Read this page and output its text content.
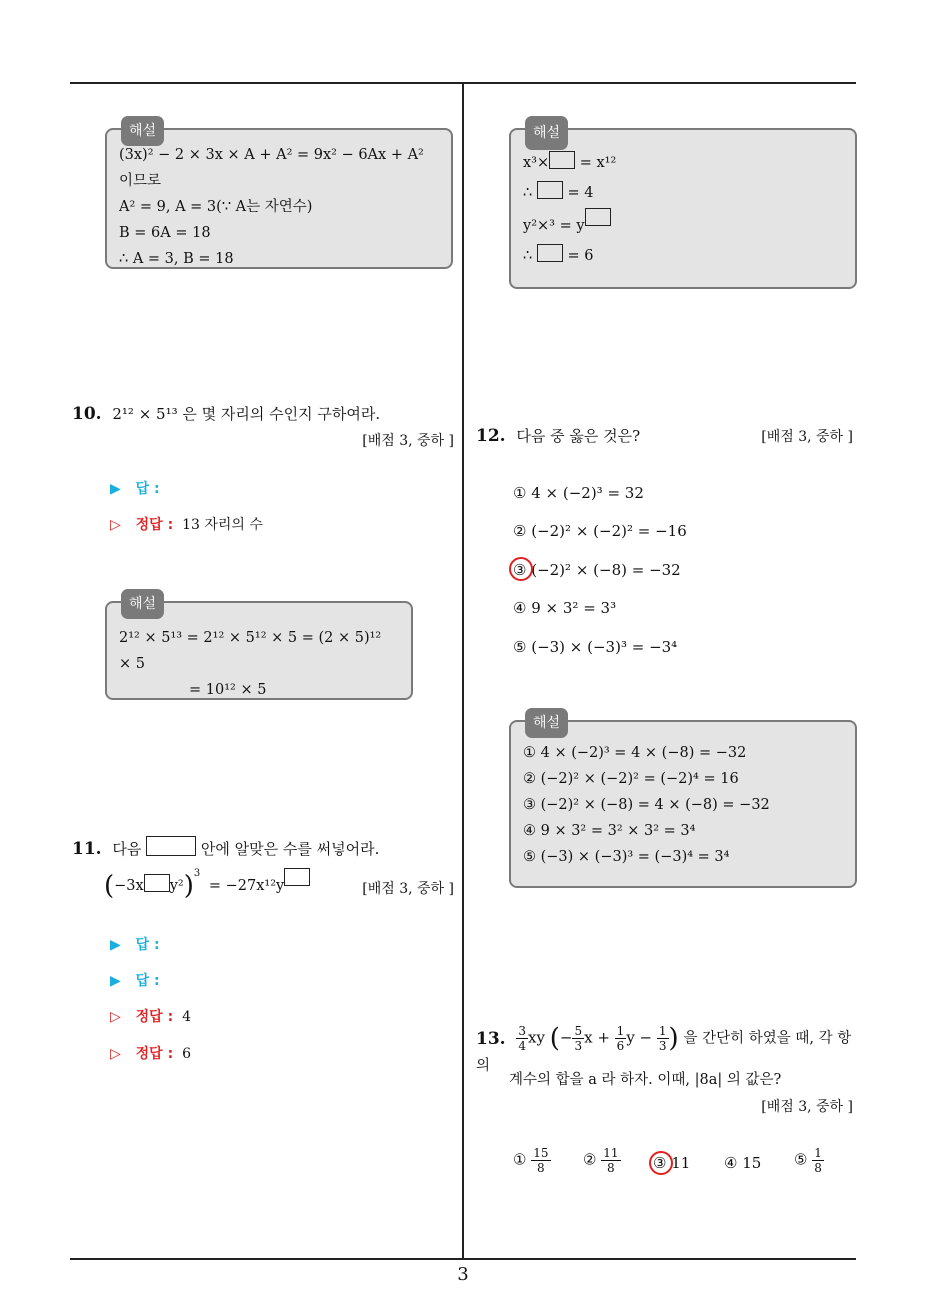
해설
(3x)² − 2 × 3x × A + A² = 9x² − 6Ax + A² 이므로
A² = 9, A = 3(∵ A는 자연수)
B = 6A = 18
∴ A = 3, B = 18
10. 2¹² × 5¹³ 은 몇 자리의 수인지 구하여라.
[배점 3, 중하 ]
▶ 답 :
▷ 정답 : 13 자리의 수
해설
2¹² × 5¹³ = 2¹² × 5¹² × 5 = (2 × 5)¹² × 5
= 10¹² × 5
11. 다음	안에 알맞은 수를 써넣어라.
(−3x y²)$^3$ = −27x¹²y	[배점 3, 중하 ]
▶ 답 :
▶ 답 :
▷ 정답 : 4
▷ 정답 : 6
해설
x³× = x¹²
∴ = 4
y²×³ = y
∴ = 6
12. 다음 중 옳은 것은?	[배점 3, 중하 ]
① 4 × (−2)³ = 32
② (−2)² × (−2)² = −16
③ (−2)² × (−8) = −32
④ 9 × 3² = 3³
⑤ (−3) × (−3)³ = −3⁴
해설
① 4 × (−2)³ = 4 × (−8) = −32
② (−2)² × (−2)² = (−2)⁴ = 16
③ (−2)² × (−8) = 4 × (−8) = −32
④ 9 × 3² = 3² × 3² = 3⁴
⑤ (−3) × (−3)³ = (−3)⁴ = 3⁴
13. $\frac{3}{4}$ xy (− $\frac{5}{3}$ $x + \frac{1}{6}$ $y - \frac{1}{3}$ ) 을 간단히 하였을 때, 각 항의
계수의 합을 a 라 하자. 이때, |8a| 의 값은?
[배점 3, 중하 ]
① $\frac{15}{8}$ ② $\frac{11}{8}$ ③ 11 ④ 15 ⑤ $\frac{1}{8}$
3
